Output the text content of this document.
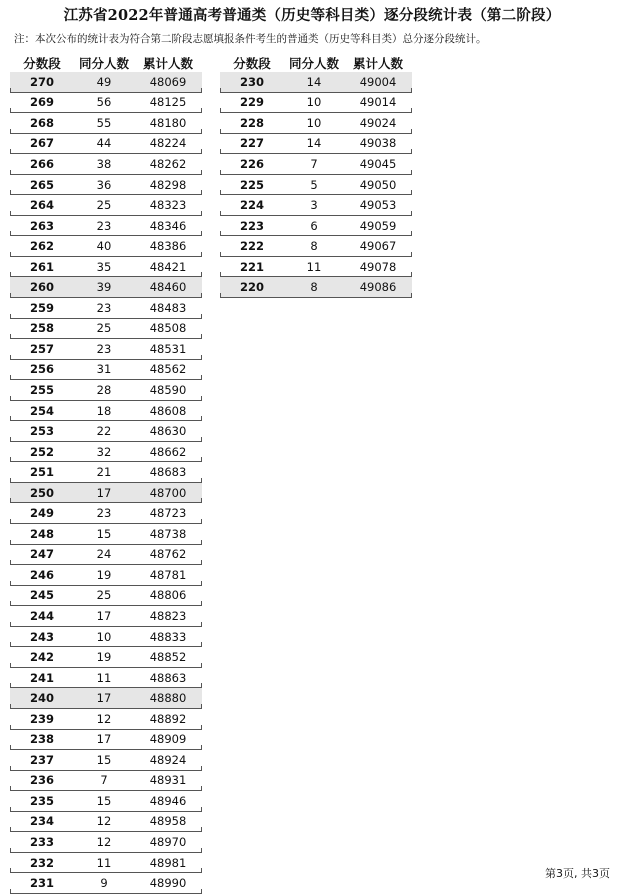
江苏省2022年普通高考普通类（历史等科目类）逐分段统计表（第二阶段）
注：本次公布的统计表为符合第二阶段志愿填报条件考生的普通类（历史等科目类）总分逐分段统计。
分数段	同分人数	累计人数
270	49	48069
269	56	48125
268	55	48180
267	44	48224
266	38	48262
265	36	48298
264	25	48323
263	23	48346
262	40	48386
261	35	48421
260	39	48460
259	23	48483
258	25	48508
257	23	48531
256	31	48562
255	28	48590
254	18	48608
253	22	48630
252	32	48662
251	21	48683
250	17	48700
249	23	48723
248	15	48738
247	24	48762
246	19	48781
245	25	48806
244	17	48823
243	10	48833
242	19	48852
241	11	48863
240	17	48880
239	12	48892
238	17	48909
237	15	48924
236	7	48931
235	15	48946
234	12	48958
233	12	48970
232	11	48981
231	9	48990
分数段	同分人数	累计人数
230	14	49004
229	10	49014
228	10	49024
227	14	49038
226	7	49045
225	5	49050
224	3	49053
223	6	49059
222	8	49067
221	11	49078
220	8	49086
第3页, 共3页
